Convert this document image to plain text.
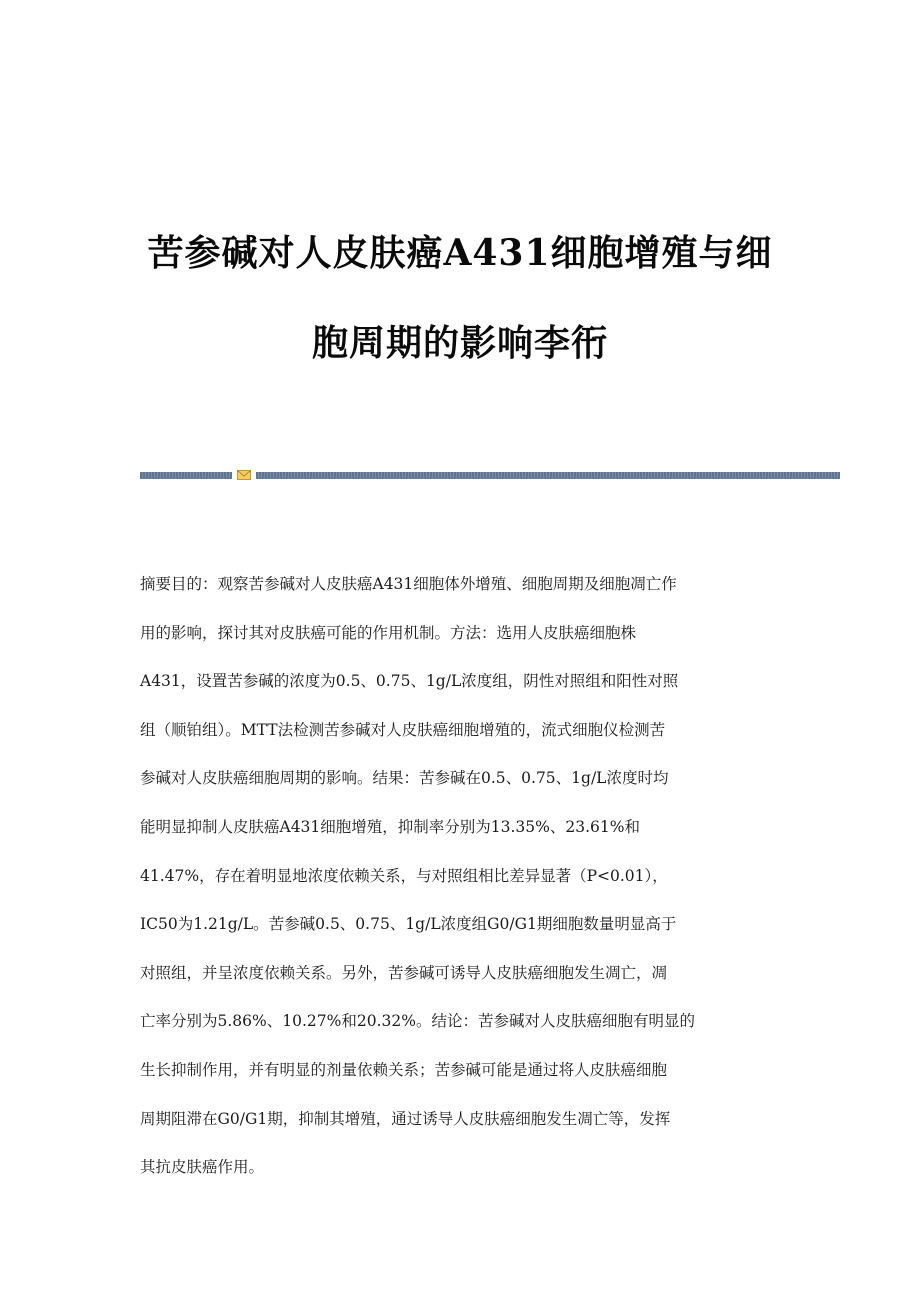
苦参碱对人皮肤癌A431细胞增殖与细
胞周期的影响李衎
摘要目的：观察苦参碱对人皮肤癌A431细胞体外增殖、细胞周期及细胞凋亡作
用的影响，探讨其对皮肤癌可能的作用机制。方法：选用人皮肤癌细胞株
A431，设置苦参碱的浓度为0.5、0.75、1g/L浓度组，阴性对照组和阳性对照
组（顺铂组）。MTT法检测苦参碱对人皮肤癌细胞增殖的，流式细胞仪检测苦
参碱对人皮肤癌细胞周期的影响。结果：苦参碱在0.5、0.75、1g/L浓度时均
能明显抑制人皮肤癌A431细胞增殖，抑制率分别为13.35%、23.61%和
41.47%，存在着明显地浓度依赖关系，与对照组相比差异显著（P<0.01），
IC50为1.21g/L。苦参碱0.5、0.75、1g/L浓度组G0/G1期细胞数量明显高于
对照组，并呈浓度依赖关系。另外，苦参碱可诱导人皮肤癌细胞发生凋亡，凋
亡率分别为5.86%、10.27%和20.32%。结论：苦参碱对人皮肤癌细胞有明显的
生长抑制作用，并有明显的剂量依赖关系；苦参碱可能是通过将人皮肤癌细胞
周期阻滞在G0/G1期，抑制其增殖，通过诱导人皮肤癌细胞发生凋亡等，发挥
其抗皮肤癌作用。
